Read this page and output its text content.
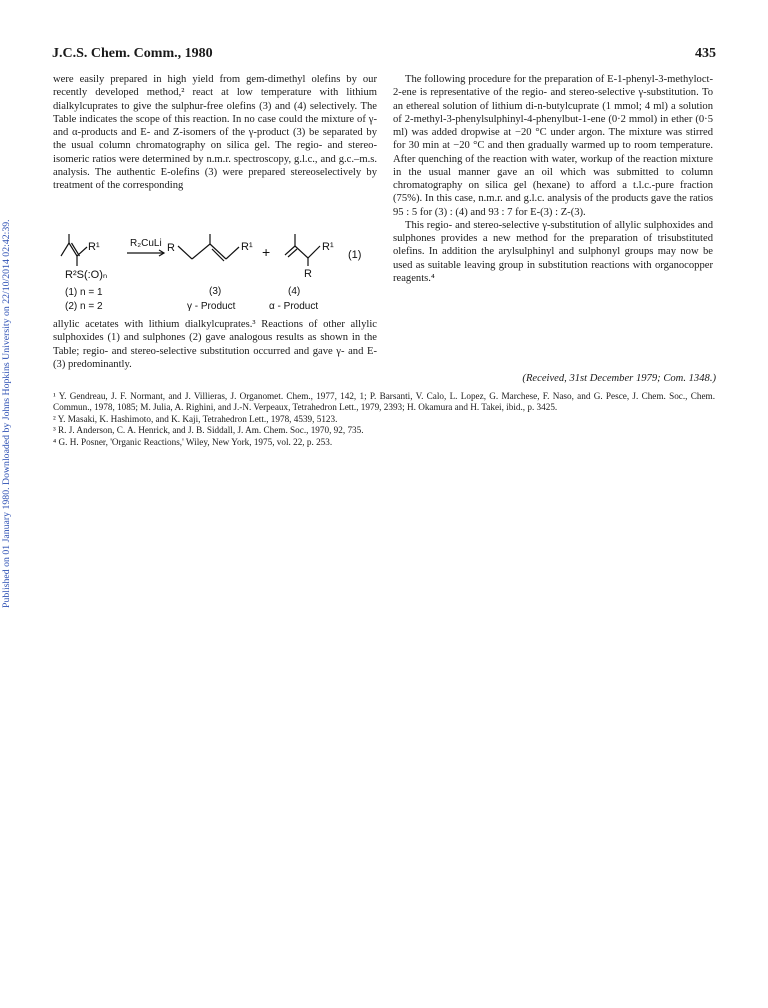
J.C.S. Chem. Comm., 1980	435
Published on 01 January 1980. Downloaded by Johns Hopkins University on 22/10/2014 02:42:39.

were easily prepared in high yield from gem-dimethyl olefins by our recently developed method,² react at low temperature with lithium dialkylcuprates to give the sulphur-free olefins (3) and (4) selectively. The Table indicates the scope of this reaction. In no case could the mixture of γ- and α-products and E- and Z-isomers of the γ-product (3) be separated by the usual column chromatography on silica gel. The regio- and stereo-isomeric ratios were determined by n.m.r. spectroscopy, g.l.c., and g.c.–m.s. analysis. The authentic E-olefins (3) were prepared stereoselectively by treatment of the corresponding

R¹	R₂CuLi R	R¹ +	R¹
R
(1)
R²S(:O)ₙ
(1) n = 1
(2) n = 2
(3)	(4)
γ - Product	α - Product

allylic acetates with lithium dialkylcuprates.³ Reactions of other allylic sulphoxides (1) and sulphones (2) gave analogous results as shown in the Table; regio- and stereo-selective substitution occurred and gave γ- and E-(3) predominantly.

The following procedure for the preparation of E-1-phenyl-3-methyloct-2-ene is representative of the regio- and stereo-selective γ-substitution. To an ethereal solution of lithium di-n-butylcuprate (1 mmol; 4 ml) a solution of 2-methyl-3-phenylsulphinyl-4-phenylbut-1-ene (0·2 mmol) in ether (0·5 ml) was added dropwise at −20 °C under argon. The mixture was stirred for 30 min at −20 °C and then gradually warmed up to room temperature. After quenching of the reaction with water, workup of the reaction mixture in the usual manner gave an oil which was submitted to column chromatography on silica gel (hexane) to afford a t.l.c.-pure fraction (75%). In this case, n.m.r. and g.l.c. analysis of the products gave the ratios 95 : 5 for (3) : (4) and 93 : 7 for E-(3) : Z-(3).

This regio- and stereo-selective γ-substitution of allylic sulphoxides and sulphones provides a new method for the preparation of trisubstituted olefins. In addition the arylsulphinyl and sulphonyl groups may now be used as suitable leaving group in substitution reactions with organocopper reagents.⁴

(Received, 31st December 1979; Com. 1348.)
¹ Y. Gendreau, J. F. Normant, and J. Villieras, J. Organomet. Chem., 1977, 142, 1; P. Barsanti, V. Calo, L. Lopez, G. Marchese, F. Naso, and G. Pesce, J. Chem. Soc., Chem. Commun., 1978, 1085; M. Julia, A. Righini, and J.-N. Verpeaux, Tetrahedron Lett., 1979, 2393; H. Okamura and H. Takei, ibid., p. 3425.
² Y. Masaki, K. Hashimoto, and K. Kaji, Tetrahedron Lett., 1978, 4539, 5123.
³ R. J. Anderson, C. A. Henrick, and J. B. Siddall, J. Am. Chem. Soc., 1970, 92, 735.
⁴ G. H. Posner, 'Organic Reactions,' Wiley, New York, 1975, vol. 22, p. 253.
